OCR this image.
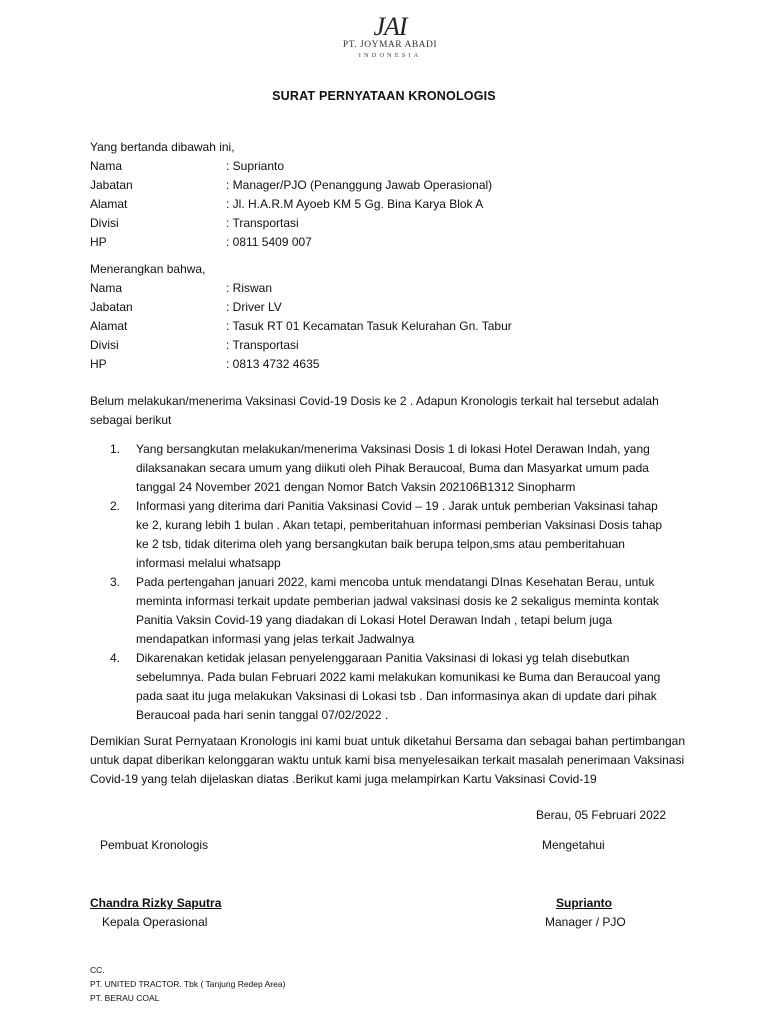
JAI
PT. JOYMAR ABADI
INDONESIA
SURAT PERNYATAAN KRONOLOGIS
Yang bertanda dibawah ini,
Nama	: Suprianto
Jabatan	: Manager/PJO (Penanggung Jawab Operasional)
Alamat	: Jl. H.A.R.M Ayoeb KM 5 Gg. Bina Karya Blok A
Divisi	: Transportasi
HP	: 0811 5409 007
Menerangkan bahwa,
Nama	: Riswan
Jabatan	: Driver LV
Alamat	: Tasuk RT 01 Kecamatan Tasuk Kelurahan Gn. Tabur
Divisi	: Transportasi
HP	: 0813 4732 4635
Belum melakukan/menerima Vaksinasi Covid-19 Dosis ke 2 . Adapun Kronologis terkait hal tersebut adalah sebagai berikut
1.	Yang bersangkutan melakukan/menerima Vaksinasi Dosis 1 di lokasi Hotel Derawan Indah, yang dilaksanakan secara umum yang diikuti oleh Pihak Beraucoal, Buma dan Masyarkat umum pada tanggal 24 November 2021 dengan Nomor Batch Vaksin 202106B1312 Sinopharm
2.	Informasi yang diterima dari Panitia Vaksinasi Covid – 19 . Jarak untuk pemberian Vaksinasi tahap ke 2, kurang lebih 1 bulan . Akan tetapi, pemberitahuan informasi pemberian Vaksinasi Dosis tahap ke 2 tsb, tidak diterima oleh yang bersangkutan baik berupa telpon,sms atau pemberitahuan informasi melalui whatsapp
3.	Pada pertengahan januari 2022, kami mencoba untuk mendatangi DInas Kesehatan Berau, untuk meminta informasi terkait update pemberian jadwal vaksinasi dosis ke 2 sekaligus meminta kontak Panitia Vaksin Covid-19 yang diadakan di Lokasi Hotel Derawan Indah , tetapi belum juga mendapatkan informasi yang jelas terkait Jadwalnya
4.	Dikarenakan ketidak jelasan penyelenggaraan Panitia Vaksinasi di lokasi yg telah disebutkan sebelumnya. Pada bulan Februari 2022 kami melakukan komunikasi ke Buma dan Beraucoal yang pada saat itu juga melakukan Vaksinasi di Lokasi tsb . Dan informasinya akan di update dari pihak Beraucoal pada hari senin tanggal 07/02/2022 .
Demikian Surat Pernyataan Kronologis ini kami buat untuk diketahui Bersama dan sebagai bahan pertimbangan untuk dapat diberikan kelonggaran waktu untuk kami bisa menyelesaikan terkait masalah penerimaan Vaksinasi Covid-19 yang telah dijelaskan diatas .Berikut kami juga melampirkan Kartu Vaksinasi Covid-19
Berau, 05 Februari 2022
Pembuat Kronologis	Mengetahui
Chandra Rizky Saputra
Kepala Operasional
Suprianto
Manager / PJO
CC.
PT. UNITED TRACTOR. Tbk ( Tanjung Redep Area)
PT. BERAU COAL
